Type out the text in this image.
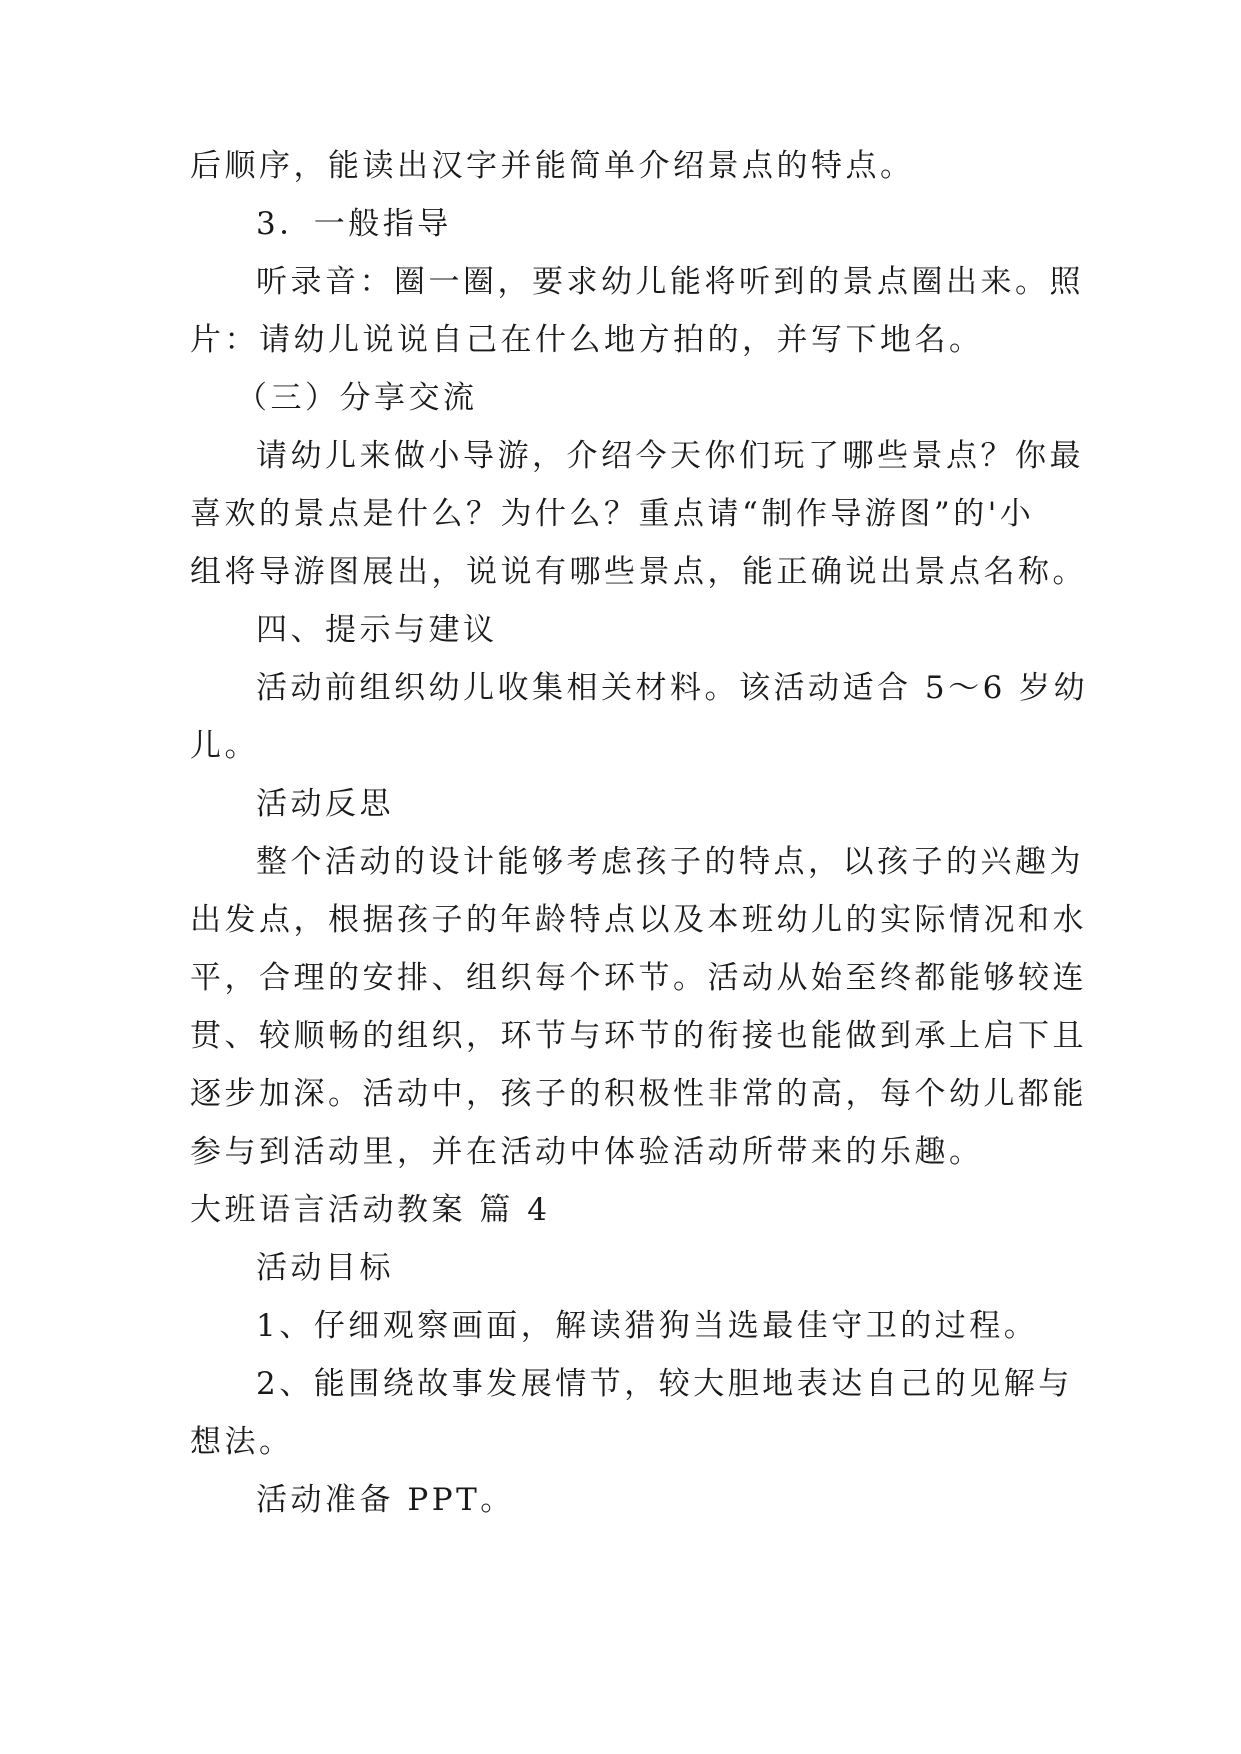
后顺序，能读出汉字并能简单介绍景点的特点。
3．一般指导
听录音：圈一圈，要求幼儿能将听到的景点圈出来。照
片：请幼儿说说自己在什么地方拍的，并写下地名。
（三）分享交流
请幼儿来做小导游，介绍今天你们玩了哪些景点？你最
喜欢的景点是什么？为什么？重点请“制作导游图”的'小
组将导游图展出，说说有哪些景点，能正确说出景点名称。
四、提示与建议
活动前组织幼儿收集相关材料。该活动适合 5～6 岁幼
儿。
活动反思
整个活动的设计能够考虑孩子的特点，以孩子的兴趣为
出发点，根据孩子的年龄特点以及本班幼儿的实际情况和水
平，合理的安排、组织每个环节。活动从始至终都能够较连
贯、较顺畅的组织，环节与环节的衔接也能做到承上启下且
逐步加深。活动中，孩子的积极性非常的高，每个幼儿都能
参与到活动里，并在活动中体验活动所带来的乐趣。
大班语言活动教案 篇 4
活动目标
1、仔细观察画面，解读猎狗当选最佳守卫的过程。
2、能围绕故事发展情节，较大胆地表达自己的见解与
想法。
活动准备 PPT。
